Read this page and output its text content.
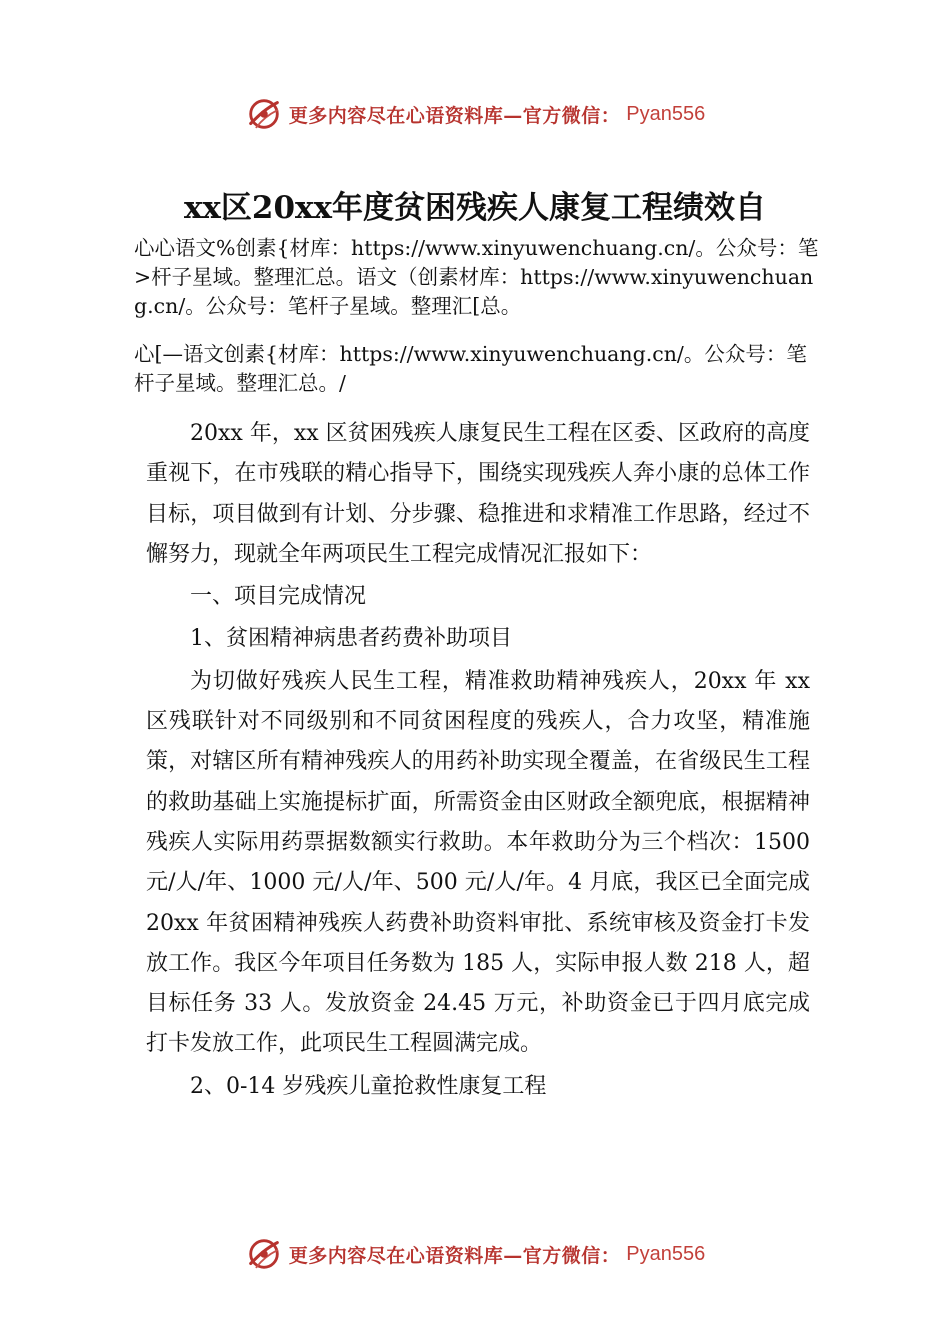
更多内容尽在心语资料库—官方微信： Pyan556
xx区20xx年度贫困残疾人康复工程绩效自

心心语文%创素{材库：https://www.xinyuwenchuang.cn/。公众号：笔>杆子星域。整理汇总。语文（创素材库：https://www.xinyuwenchuang.cn/。公众号：笔杆子星域。整理汇[总。

心[—语文创素{材库：https://www.xinyuwenchuang.cn/。公众号：笔杆子星域。整理汇总。/

20xx 年，xx 区贫困残疾人康复民生工程在区委、区政府的高度重视下，在市残联的精心指导下，围绕实现残疾人奔小康的总体工作目标，项目做到有计划、分步骤、稳推进和求精准工作思路，经过不懈努力，现就全年两项民生工程完成情况汇报如下：

一、项目完成情况

1、贫困精神病患者药费补助项目

为切做好残疾人民生工程，精准救助精神残疾人，20xx 年 xx 区残联针对不同级别和不同贫困程度的残疾人，合力攻坚，精准施策，对辖区所有精神残疾人的用药补助实现全覆盖，在省级民生工程的救助基础上实施提标扩面，所需资金由区财政全额兜底，根据精神残疾人实际用药票据数额实行救助。本年救助分为三个档次：1500 元/人/年、1000 元/人/年、500 元/人/年。4 月底，我区已全面完成 20xx 年贫困精神残疾人药费补助资料审批、系统审核及资金打卡发放工作。我区今年项目任务数为 185 人，实际申报人数 218 人，超目标任务 33 人。发放资金 24.45 万元，补助资金已于四月底完成打卡发放工作，此项民生工程圆满完成。

2、0-14 岁残疾儿童抢救性康复工程

更多内容尽在心语资料库—官方微信： Pyan556
